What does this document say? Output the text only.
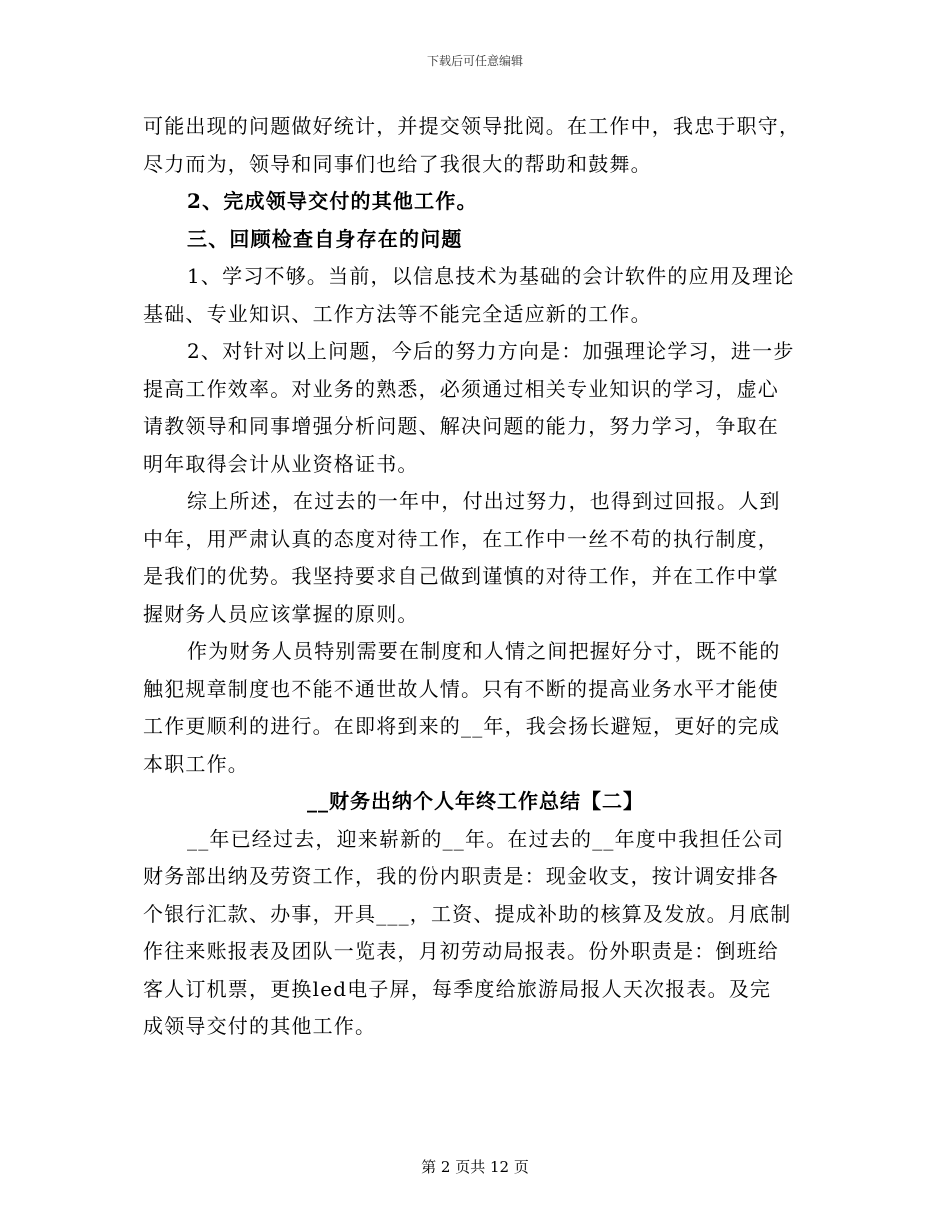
下载后可任意编辑
可能出现的问题做好统计，并提交领导批阅。在工作中，我忠于职守，
尽力而为，领导和同事们也给了我很大的帮助和鼓舞。
2、完成领导交付的其他工作。
三、回顾检查自身存在的问题
1、学习不够。当前，以信息技术为基础的会计软件的应用及理论
基础、专业知识、工作方法等不能完全适应新的工作。
2、对针对以上问题，今后的努力方向是：加强理论学习，进一步
提高工作效率。对业务的熟悉，必须通过相关专业知识的学习，虚心
请教领导和同事增强分析问题、解决问题的能力，努力学习，争取在
明年取得会计从业资格证书。
综上所述，在过去的一年中，付出过努力，也得到过回报。人到
中年，用严肃认真的态度对待工作，在工作中一丝不苟的执行制度，
是我们的优势。我坚持要求自己做到谨慎的对待工作，并在工作中掌
握财务人员应该掌握的原则。
作为财务人员特别需要在制度和人情之间把握好分寸，既不能的
触犯规章制度也不能不通世故人情。只有不断的提高业务水平才能使
工作更顺利的进行。在即将到来的__年，我会扬长避短，更好的完成
本职工作。
__财务出纳个人年终工作总结【二】
__年已经过去，迎来崭新的__年。在过去的__年度中我担任公司
财务部出纳及劳资工作，我的份内职责是：现金收支，按计调安排各
个银行汇款、办事，开具___，工资、提成补助的核算及发放。月底制
作往来账报表及团队一览表，月初劳动局报表。份外职责是：倒班给
客人订机票，更换led电子屏，每季度给旅游局报人天次报表。及完
成领导交付的其他工作。
第 2 页共 12 页
